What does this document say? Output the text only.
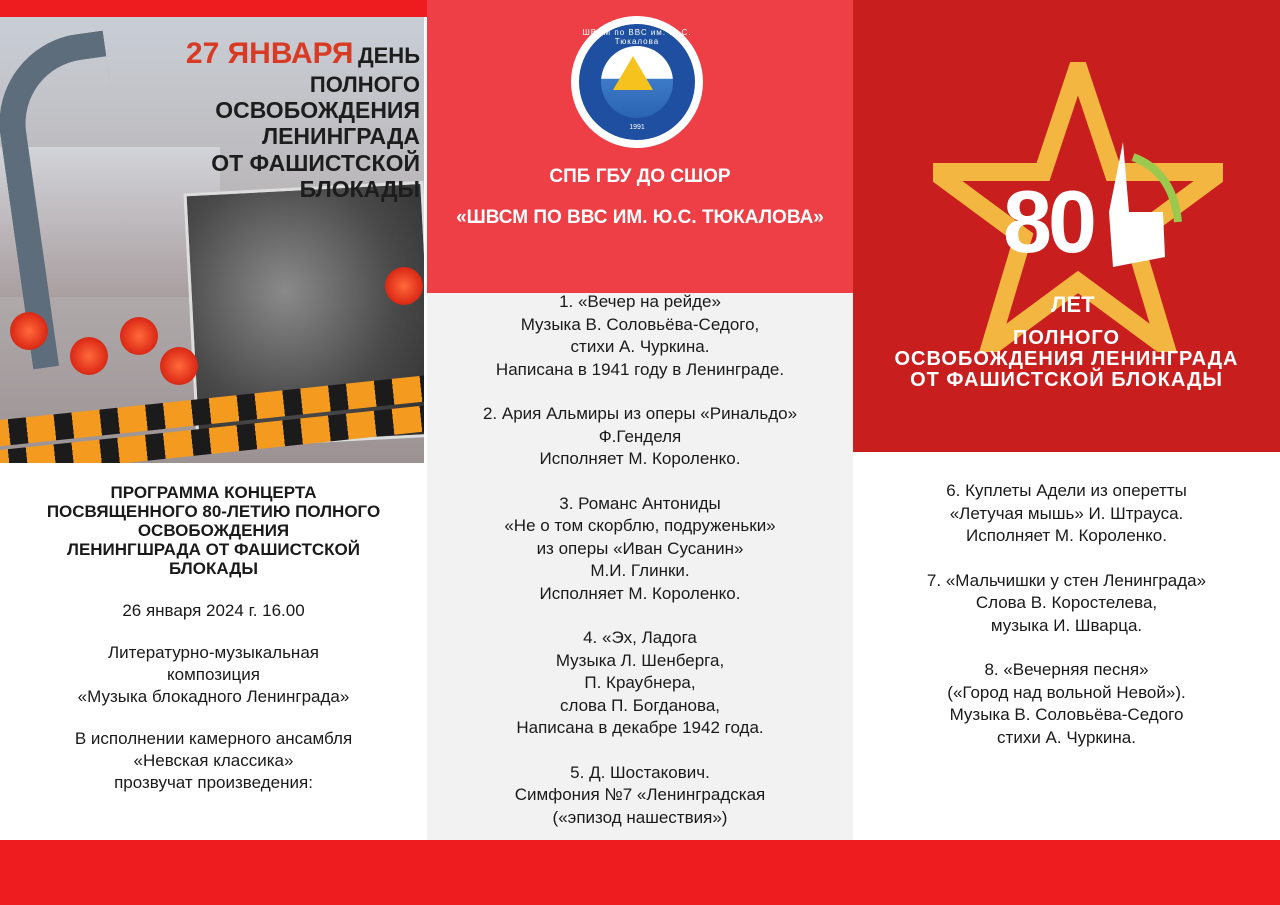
27 ЯНВАРЯ ДЕНЬ ПОЛНОГО
ОСВОБОЖДЕНИЯ ЛЕНИНГРАДА
ОТ ФАШИСТСКОЙ БЛОКАДЫ
ПРОГРАММА КОНЦЕРТА
ПОСВЯЩЕННОГО 80-ЛЕТИЮ ПОЛНОГО
ОСВОБОЖДЕНИЯ
ЛЕНИНГШРАДА ОТ ФАШИСТСКОЙ
БЛОКАДЫ
26 января 2024 г. 16.00
Литературно-музыкальная
композиция
«Музыка блокадного Ленинграда»
В исполнении камерного ансамбля
«Невская классика»
прозвучат произведения:
ШВСМ по ВВС им. Ю.С. Тюкалова
1991
СПБ ГБУ ДО СШОР
«ШВСМ ПО ВВС ИМ. Ю.С. ТЮКАЛОВА»
1. «Вечер на рейде»
Музыка В. Соловьёва-Седого,
стихи А. Чуркина.
Написана в 1941 году в Ленинграде.
2. Ария Альмиры из оперы «Ринальдо»
Ф.Генделя
Исполняет М. Короленко.
3. Романс Антониды
«Не о том скорблю, подруженьки»
из оперы «Иван Сусанин»
М.И. Глинки.
Исполняет М. Короленко.
4. «Эх, Ладога
Музыка Л. Шенберга,
П. Краубнера,
слова П. Богданова,
Написана в декабре 1942 года.
5. Д. Шостакович.
Симфония №7 «Ленинградская
(«эпизод нашествия»)
80
ЛЕТ
ПОЛНОГО
ОСВОБОЖДЕНИЯ ЛЕНИНГРАДА
ОТ ФАШИСТСКОЙ БЛОКАДЫ
6. Куплеты Адели из оперетты
«Летучая мышь» И. Штрауса.
Исполняет М. Короленко.
7. «Мальчишки у стен Ленинграда»
Слова В. Коростелева,
музыка И. Шварца.
8. «Вечерняя песня»
(«Город над вольной Невой»).
Музыка В. Соловьёва-Седого
стихи А. Чуркина.
